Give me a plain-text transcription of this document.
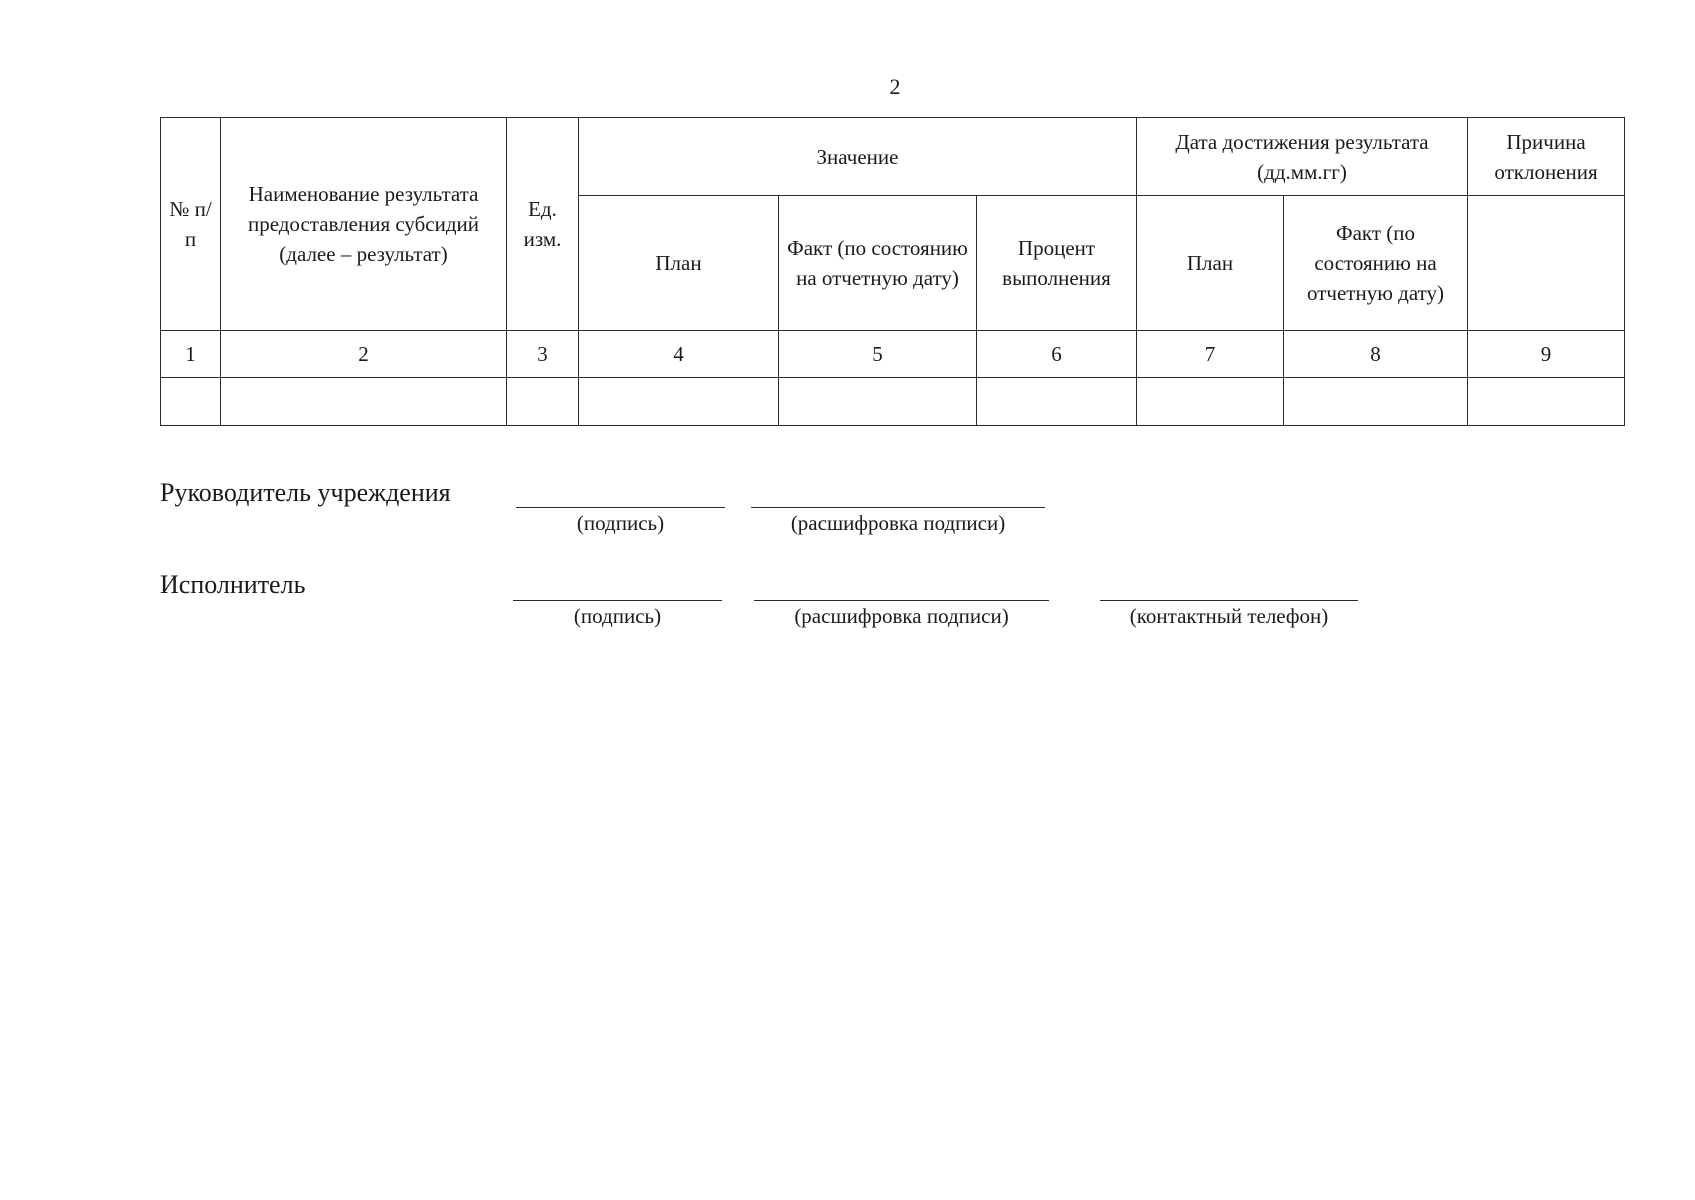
2
№ п/п	Наименование результата предоставления субсидий (далее – результат)	Ед. изм.	Значение			Дата достижения результата (дд.мм.гг)		Причина отклонения
			План	Факт (по состоянию на отчетную дату)	Процент выполнения	План	Факт (по состоянию на отчетную дату)	
1	2	3	4	5	6	7	8	9

Руководитель учреждения
(подпись)	(расшифровка подписи)
Исполнитель
(подпись)	(расшифровка подписи)	(контактный телефон)
